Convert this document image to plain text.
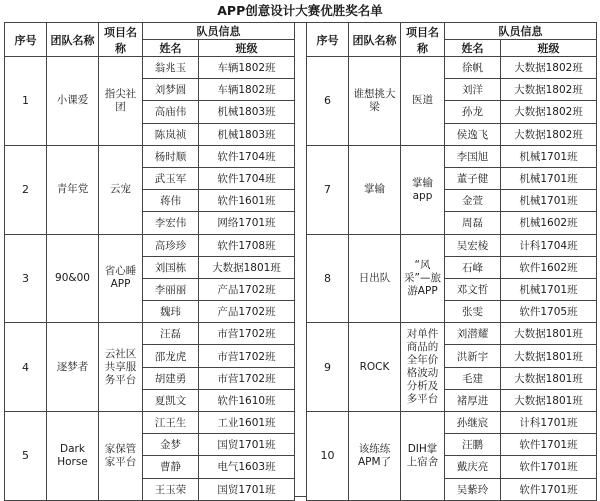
APP创意设计大赛优胜奖名单
序号	团队名称	项目名称	队员信息	
			姓名	班级
1	小课爱	指尖社团	翁兆玉	车辆1802班
			刘梦圆	车辆1802班
			高庙伟	机械1803班
			陈岚祯	机械1803班
2	青年党	云宠	杨时顺	软件1704班
			武玉军	软件1704班
			蒋伟	软件1601班
			李宏伟	网络1701班
3	90&00	省心睡APP	高珍珍	软件1708班
			刘国栋	大数据1801班
			李丽丽	产品1702班
			魏玮	产品1702班
4	逐梦者	云社区共享服务平台	汪磊	市营1702班
			邵龙虎	市营1702班
			胡建勇	市营1702班
			夏凯文	软件1610班
5	Dark Horse	家保管家平台	江王生	工业1601班
			金梦	国贸1701班
			曹静	电气1603班
			王玉荣	国贸1701班
序号	团队名称	项目名称	队员信息	
			姓名	班级
6	谁想挑大梁	医道	徐帆	大数据1802班
			刘洋	大数据1802班
			孙龙	大数据1802班
			侯逸飞	大数据1802班
7	掌输	掌输app	李国旭	机械1701班
			董子健	机械1701班
			金萱	机械1701班
			周磊	机械1602班
8	日出队	“风采”—旅游APP	吴宏棱	计科1704班
			石峰	软件1602班
			邓文哲	机械1701班
			张雯	软件1705班
9	ROCK	对单件商品的全年价格波动分析及多平台	刘潜耀	大数据1801班
			洪新宇	大数据1801班
			毛建	大数据1801班
			褚厚进	大数据1801班
10	该练练APM了	DIH掌上宿舍	孙继宸	计科1701班
			汪鹏	软件1701班
			戴庆亮	软件1701班
			吴紫玲	软件1701班
